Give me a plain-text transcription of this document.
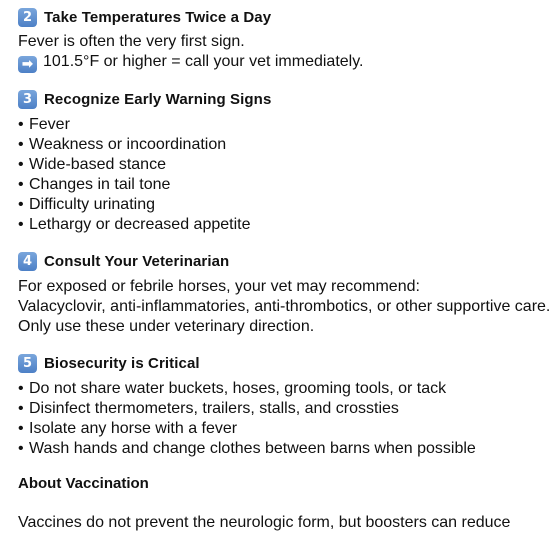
2 Take Temperatures Twice a Day
Fever is often the very first sign.
➡ 101.5°F or higher = call your vet immediately.
3 Recognize Early Warning Signs
• Fever
• Weakness or incoordination
• Wide-based stance
• Changes in tail tone
• Difficulty urinating
• Lethargy or decreased appetite
4 Consult Your Veterinarian
For exposed or febrile horses, your vet may recommend:
Valacyclovir, anti-inflammatories, anti-thrombotics, or other supportive care.
Only use these under veterinary direction.
5 Biosecurity is Critical
• Do not share water buckets, hoses, grooming tools, or tack
• Disinfect thermometers, trailers, stalls, and crossties
• Isolate any horse with a fever
• Wash hands and change clothes between barns when possible
About Vaccination
Vaccines do not prevent the neurologic form, but boosters can reduce
